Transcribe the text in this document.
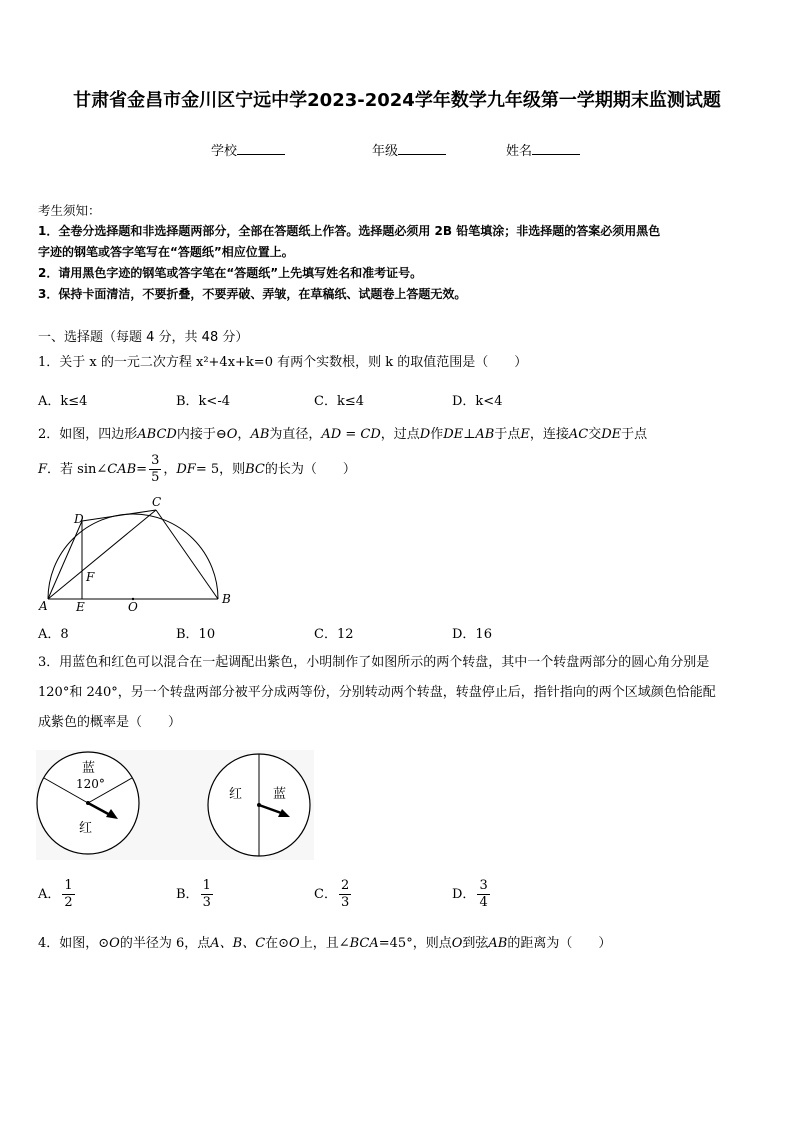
甘肃省金昌市金川区宁远中学2023-2024学年数学九年级第一学期期末监测试题
学校	年级	姓名
考生须知：
1．全卷分选择题和非选择题两部分，全部在答题纸上作答。选择题必须用 2B 铅笔填涂；非选择题的答案必须用黑色
字迹的钢笔或答字笔写在“答题纸”相应位置上。
2．请用黑色字迹的钢笔或答字笔在“答题纸”上先填写姓名和准考证号。
3．保持卡面清洁，不要折叠，不要弄破、弄皱，在草稿纸、试题卷上答题无效。
一、选择题（每题 4 分，共 48 分）
1．关于 x 的一元二次方程 x²+4x+k=0 有两个实数根，则 k 的取值范围是（　　）
A．k≤4	B．k<-4	C．k≤4	D．k<4
2．如图，四边形ABCD内接于⊖O，AB为直径，AD = CD，过点D作DE⊥AB于点E，连接AC交DE于点
F．若 sin∠CAB= $\frac{3}{5}$ ，DF= 5，则BC的长为（　　）
A E	O
B
D
C
F
A．8	B．10	C．12	D．16
3．用蓝色和红色可以混合在一起调配出紫色，小明制作了如图所示的两个转盘，其中一个转盘两部分的圆心角分别是
120°和 240°，另一个转盘两部分被平分成两等份，分别转动两个转盘，转盘停止后，指针指向的两个区域颜色恰能配
成紫色的概率是（　　）
蓝
120°
红
红 蓝
A． $\frac{1}{2}$	B． $\frac{1}{3}$	C． $\frac{2}{3}$	D． $\frac{3}{4}$
4．如图，⊙O的半径为 6，点A、B、C在⊙O上，且∠BCA=45°，则点O到弦AB的距离为（　　）
